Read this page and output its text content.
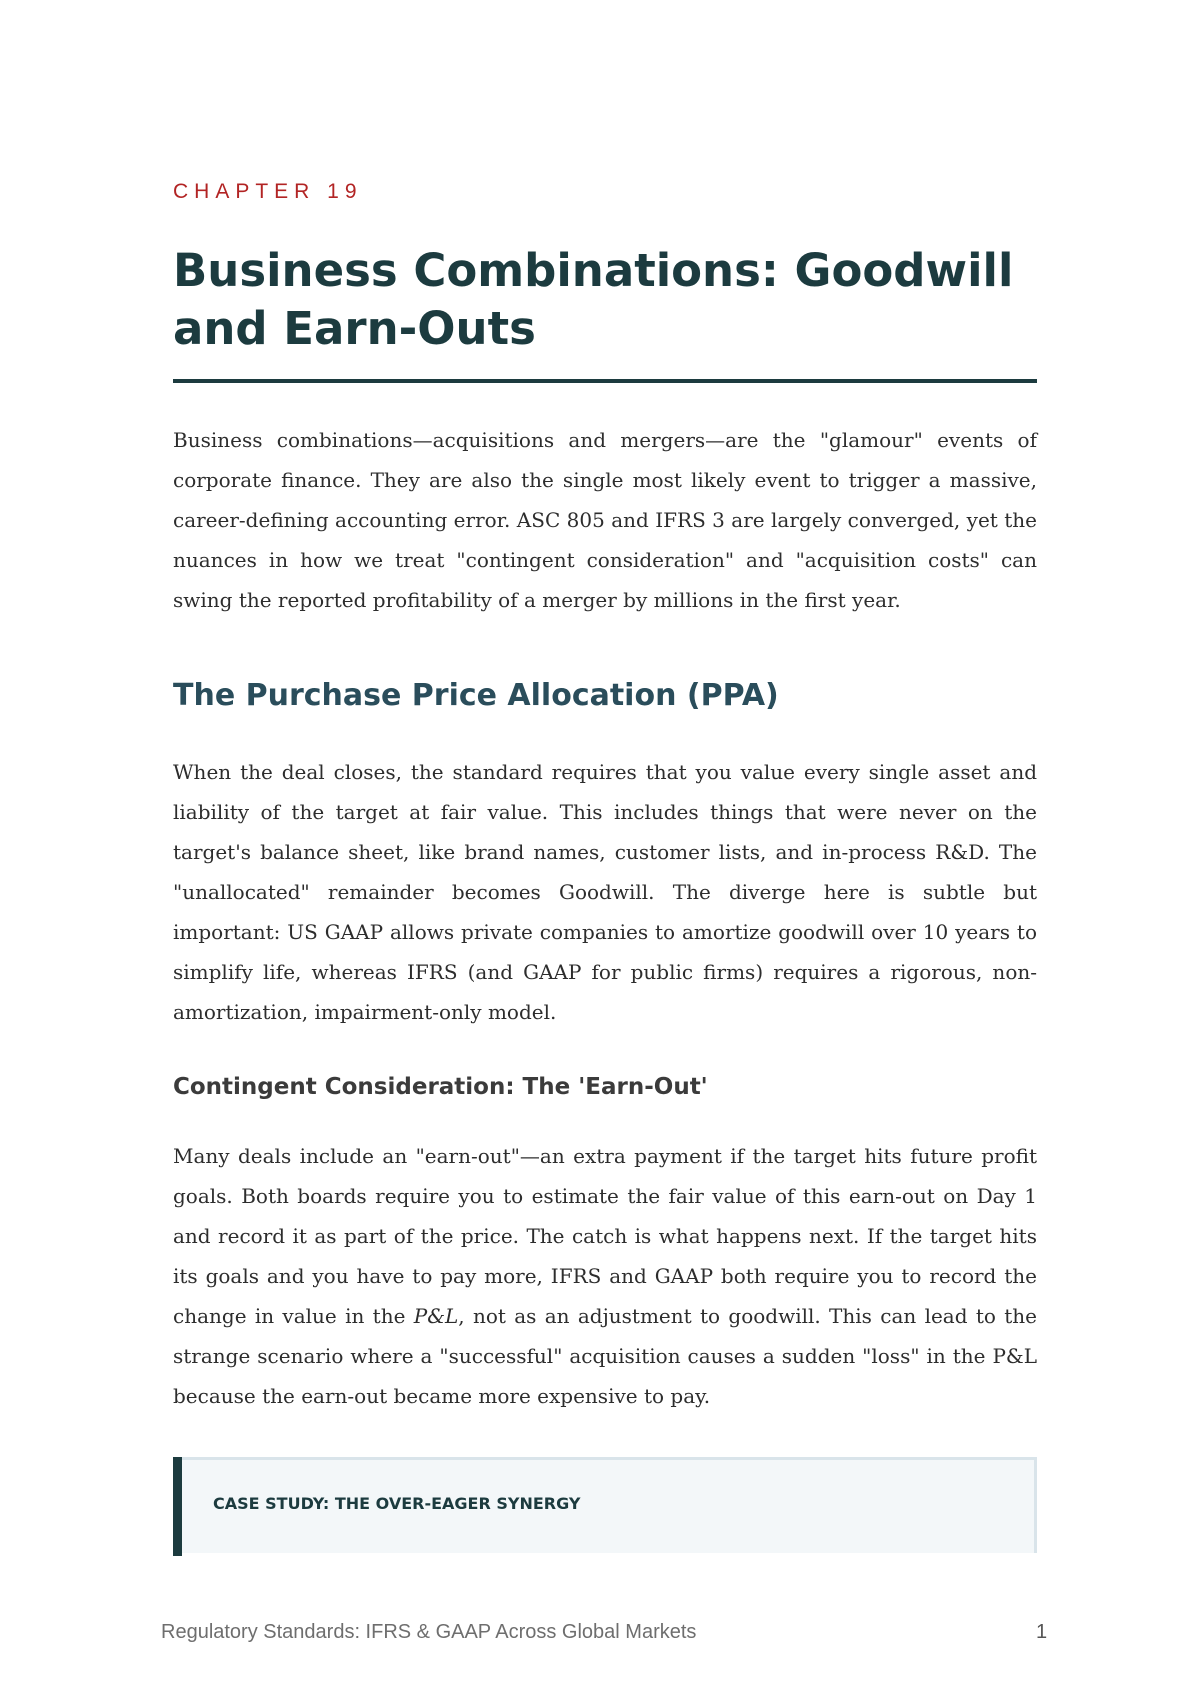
CHAPTER 19
Business Combinations: Goodwill and Earn-Outs

Business combinations—acquisitions and mergers—are the "glamour" events of corporate finance. They are also the single most likely event to trigger a massive, career-defining accounting error. ASC 805 and IFRS 3 are largely converged, yet the nuances in how we treat "contingent consideration" and "acquisition costs" can swing the reported profitability of a merger by millions in the first year.

The Purchase Price Allocation (PPA)

When the deal closes, the standard requires that you value every single asset and liability of the target at fair value. This includes things that were never on the target's balance sheet, like brand names, customer lists, and in-process R&D. The "unallocated" remainder becomes Goodwill. The diverge here is subtle but important: US GAAP allows private companies to amortize goodwill over 10 years to simplify life, whereas IFRS (and GAAP for public firms) requires a rigorous, non-amortization, impairment-only model.

Contingent Consideration: The 'Earn-Out'

Many deals include an "earn-out"—an extra payment if the target hits future profit goals. Both boards require you to estimate the fair value of this earn-out on Day 1 and record it as part of the price. The catch is what happens next. If the target hits its goals and you have to pay more, IFRS and GAAP both require you to record the change in value in the P&L, not as an adjustment to goodwill. This can lead to the strange scenario where a "successful" acquisition causes a sudden "loss" in the P&L because the earn-out became more expensive to pay.

CASE STUDY: THE OVER-EAGER SYNERGY
Regulatory Standards: IFRS & GAAP Across Global Markets	1
